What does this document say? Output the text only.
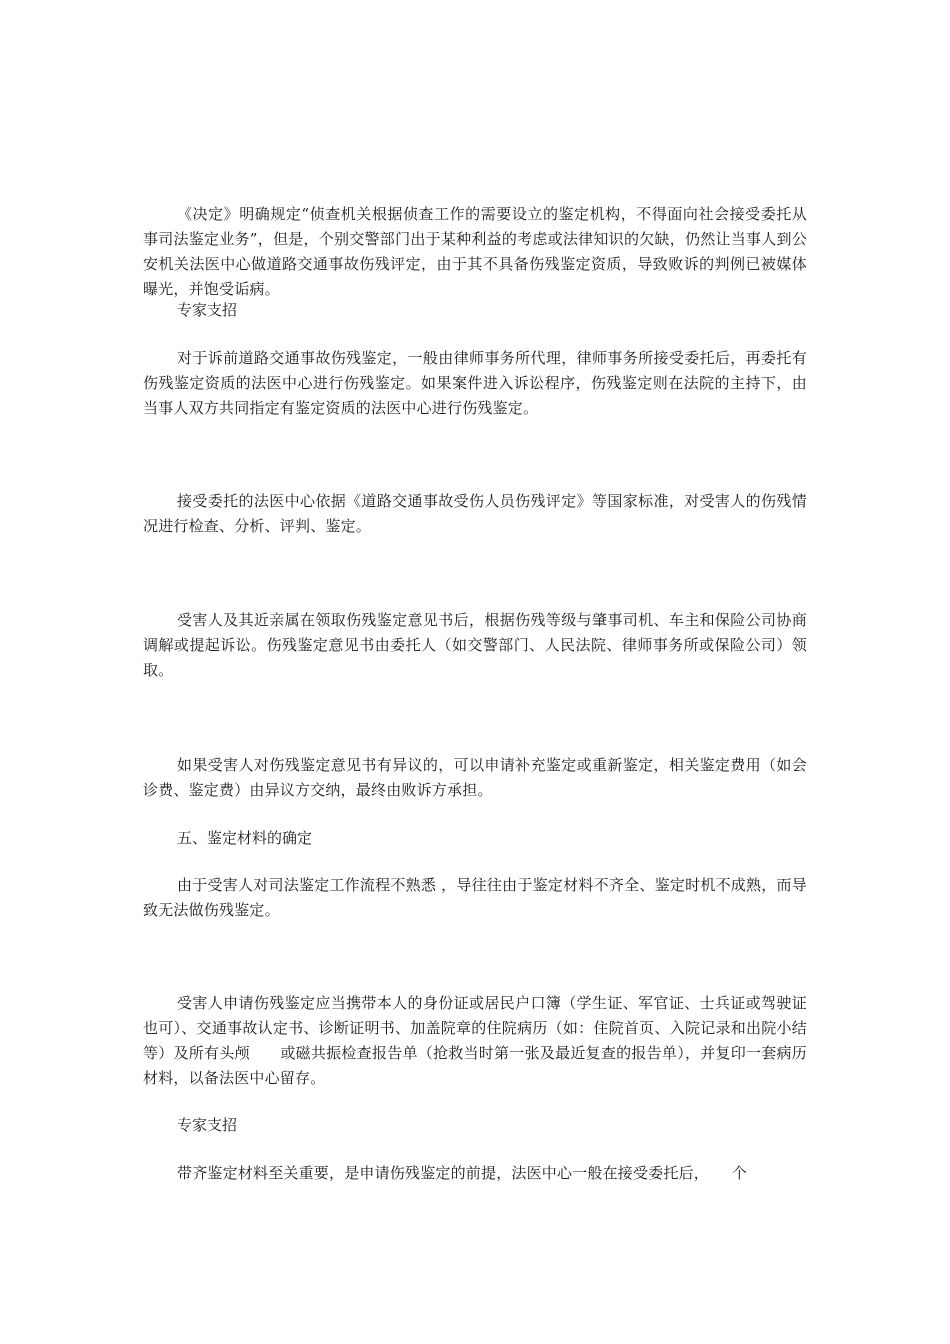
《决定》明确规定“侦查机关根据侦查工作的需要设立的鉴定机构，不得面向社会接受委托从事司法鉴定业务”，但是，个别交警部门出于某种利益的考虑或法律知识的欠缺，仍然让当事人到公安机关法医中心做道路交通事故伤残评定，由于其不具备伤残鉴定资质，导致败诉的判例已被媒体曝光，并饱受诟病。

专家支招

对于诉前道路交通事故伤残鉴定，一般由律师事务所代理，律师事务所接受委托后，再委托有伤残鉴定资质的法医中心进行伤残鉴定。如果案件进入诉讼程序，伤残鉴定则在法院的主持下，由当事人双方共同指定有鉴定资质的法医中心进行伤残鉴定。

接受委托的法医中心依据《道路交通事故受伤人员伤残评定》等国家标准，对受害人的伤残情况进行检查、分析、评判、鉴定。

受害人及其近亲属在领取伤残鉴定意见书后，根据伤残等级与肇事司机、车主和保险公司协商调解或提起诉讼。伤残鉴定意见书由委托人（如交警部门、人民法院、律师事务所或保险公司）领取。

如果受害人对伤残鉴定意见书有异议的，可以申请补充鉴定或重新鉴定，相关鉴定费用（如会诊费、鉴定费）由异议方交纳，最终由败诉方承担。

五、鉴定材料的确定

由于受害人对司法鉴定工作流程不熟悉 ，导往往由于鉴定材料不齐全、鉴定时机不成熟，而导致无法做伤残鉴定。

受害人申请伤残鉴定应当携带本人的身份证或居民户口簿（学生证、军官证、士兵证或驾驶证也可）、交通事故认定书、诊断证明书、加盖院章的住院病历（如：住院首页、入院记录和出院小结等）及所有头颅　　或磁共振检查报告单（抢救当时第一张及最近复查的报告单），并复印一套病历材料，以备法医中心留存。

专家支招

带齐鉴定材料至关重要，是申请伤残鉴定的前提，法医中心一般在接受委托后，　　个
